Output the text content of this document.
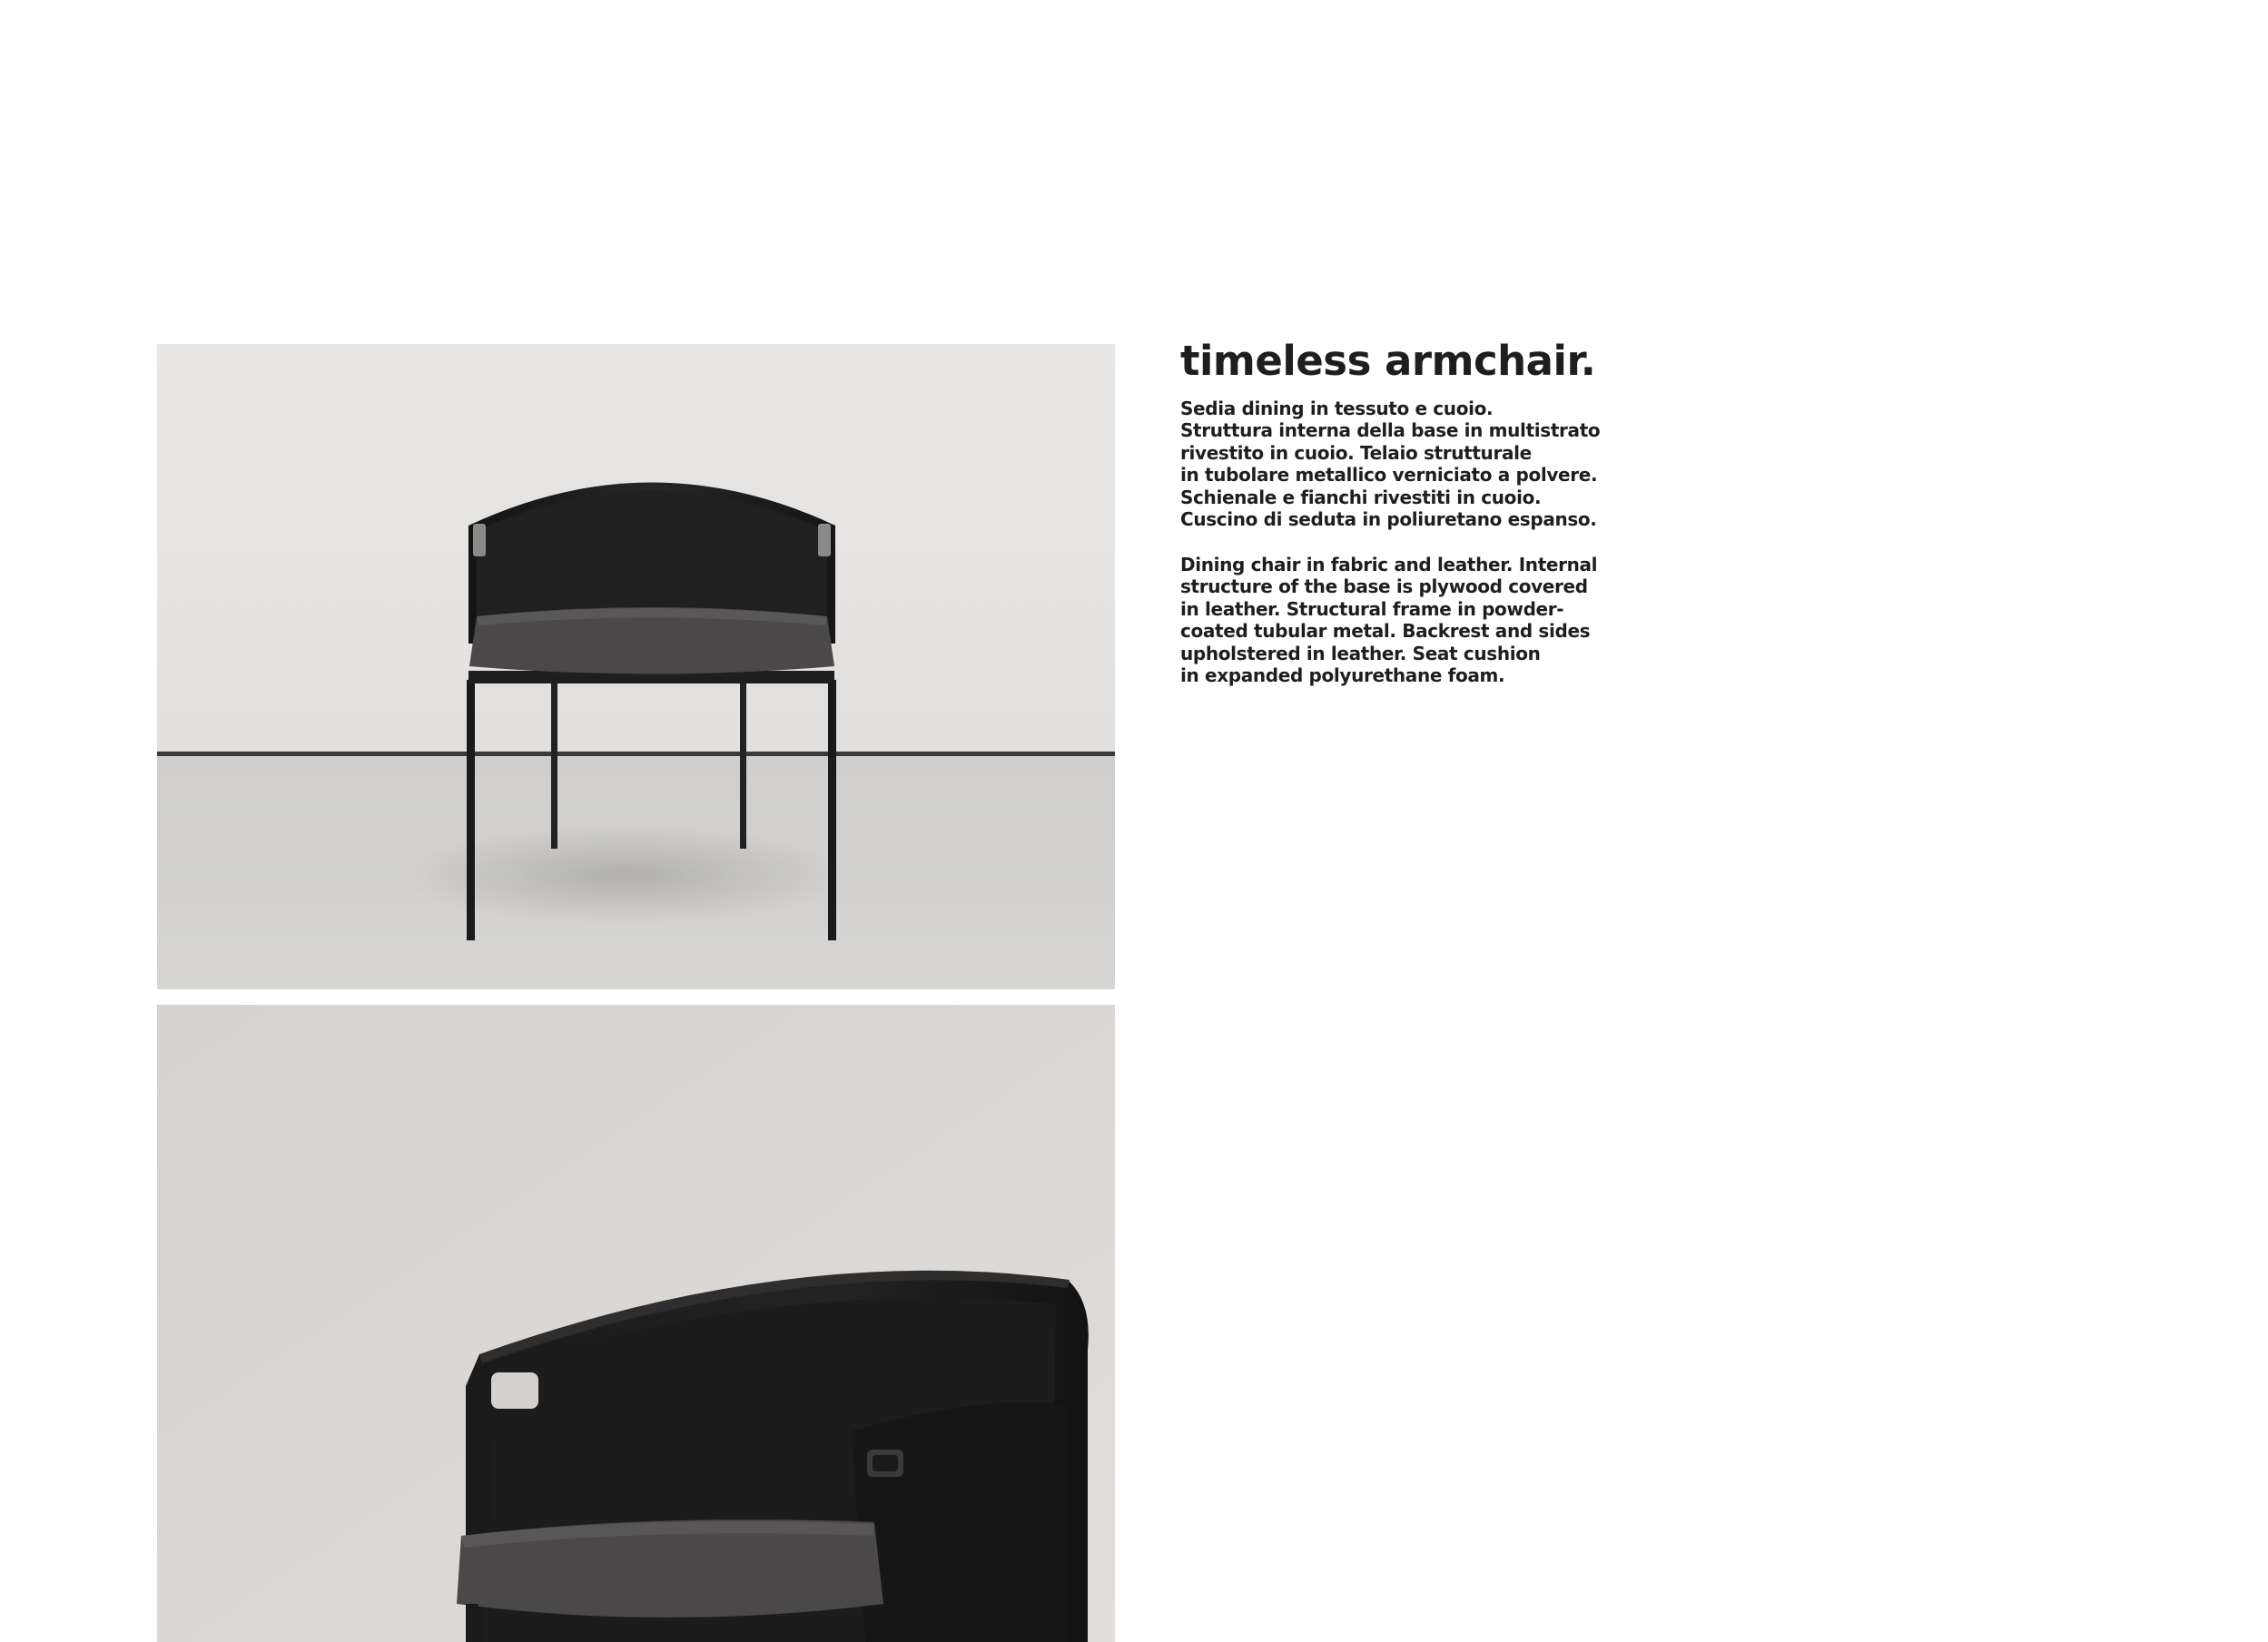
timeless armchair.

Sedia dining in tessuto e cuoio.
Struttura interna della base in multistrato
rivestito in cuoio. Telaio strutturale
in tubolare metallico verniciato a polvere.
Schienale e fianchi rivestiti in cuoio.
Cuscino di seduta in poliuretano espanso.

Dining chair in fabric and leather. Internal
structure of the base is plywood covered
in leather. Structural frame in powder-
coated tubular metal. Backrest and sides
upholstered in leather. Seat cushion
in expanded polyurethane foam.
